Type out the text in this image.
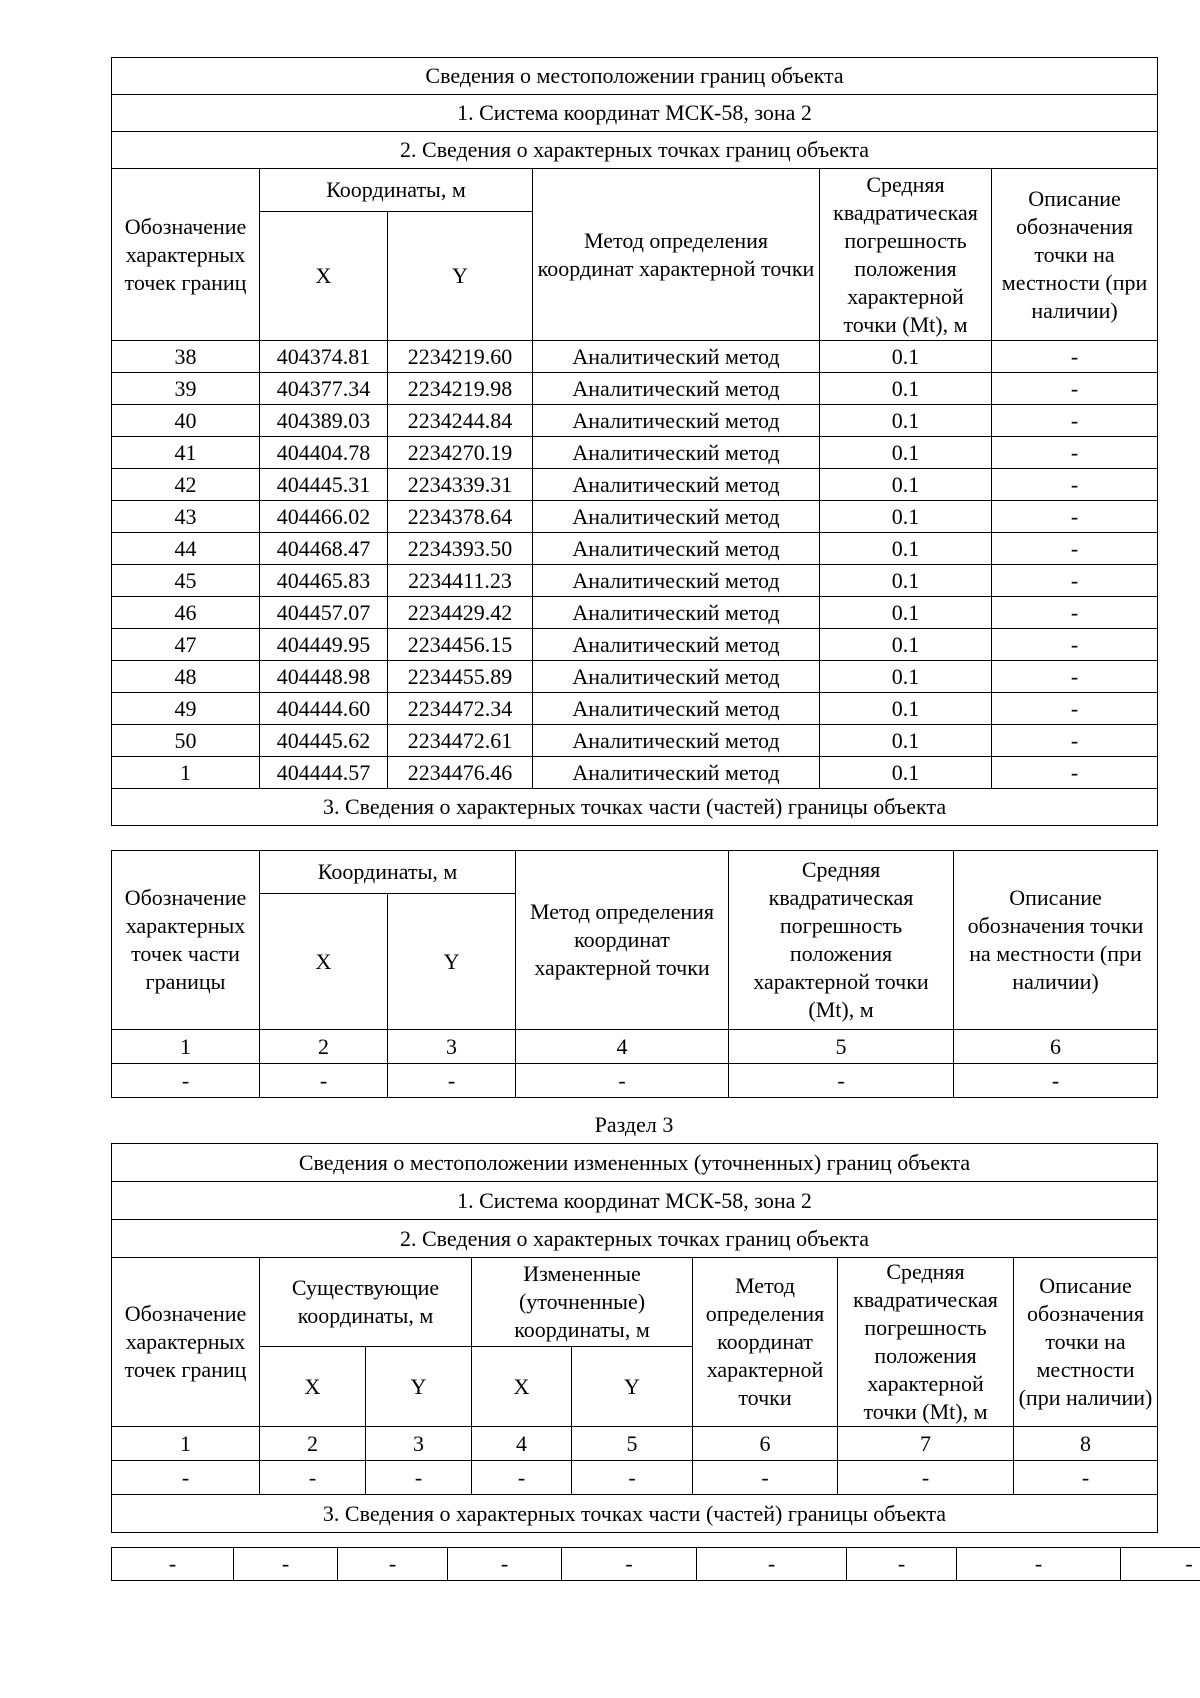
Сведения о местоположении границ объекта					
1. Система координат МСК-58, зона 2					
2. Сведения о характерных точках границ объекта					
Обозначение характерных точек границ	Координаты, м		Метод определения координат характерной точки	Средняя квадратическая погрешность положения характерной точки (Mt), м	Описание обозначения точки на местности (при наличии)
	X	Y			
38	404374.81	2234219.60	Аналитический метод	0.1	-
39	404377.34	2234219.98	Аналитический метод	0.1	-
40	404389.03	2234244.84	Аналитический метод	0.1	-
41	404404.78	2234270.19	Аналитический метод	0.1	-
42	404445.31	2234339.31	Аналитический метод	0.1	-
43	404466.02	2234378.64	Аналитический метод	0.1	-
44	404468.47	2234393.50	Аналитический метод	0.1	-
45	404465.83	2234411.23	Аналитический метод	0.1	-
46	404457.07	2234429.42	Аналитический метод	0.1	-
47	404449.95	2234456.15	Аналитический метод	0.1	-
48	404448.98	2234455.89	Аналитический метод	0.1	-
49	404444.60	2234472.34	Аналитический метод	0.1	-
50	404445.62	2234472.61	Аналитический метод	0.1	-
1	404444.57	2234476.46	Аналитический метод	0.1	-
3. Сведения о характерных точках части (частей) границы объекта					
Обозначение характерных точек части границы	Координаты, м		Метод определения координат характерной точки	Средняя квадратическая погрешность положения характерной точки (Mt), м	Описание обозначения точки на местности (при наличии)
	X	Y			
1	2	3	4	5	6
-	-	-	-	-	-
Раздел 3
Сведения о местоположении измененных (уточненных) границ объекта							
1. Система координат МСК-58, зона 2							
2. Сведения о характерных точках границ объекта							
Обозначение характерных точек границ	Существующие координаты, м		Измененные (уточненные) координаты, м		Метод определения координат характерной точки	Средняя квадратическая погрешность положения характерной точки (Mt), м	Описание обозначения точки на местности (при наличии)
	X	Y	X	Y			
1	2	3	4	5	6	7	8
-	-	-	-	-	-	-	-
3. Сведения о характерных точках части (частей) границы объекта							
-	-	-	-	-	-	-	-	-
